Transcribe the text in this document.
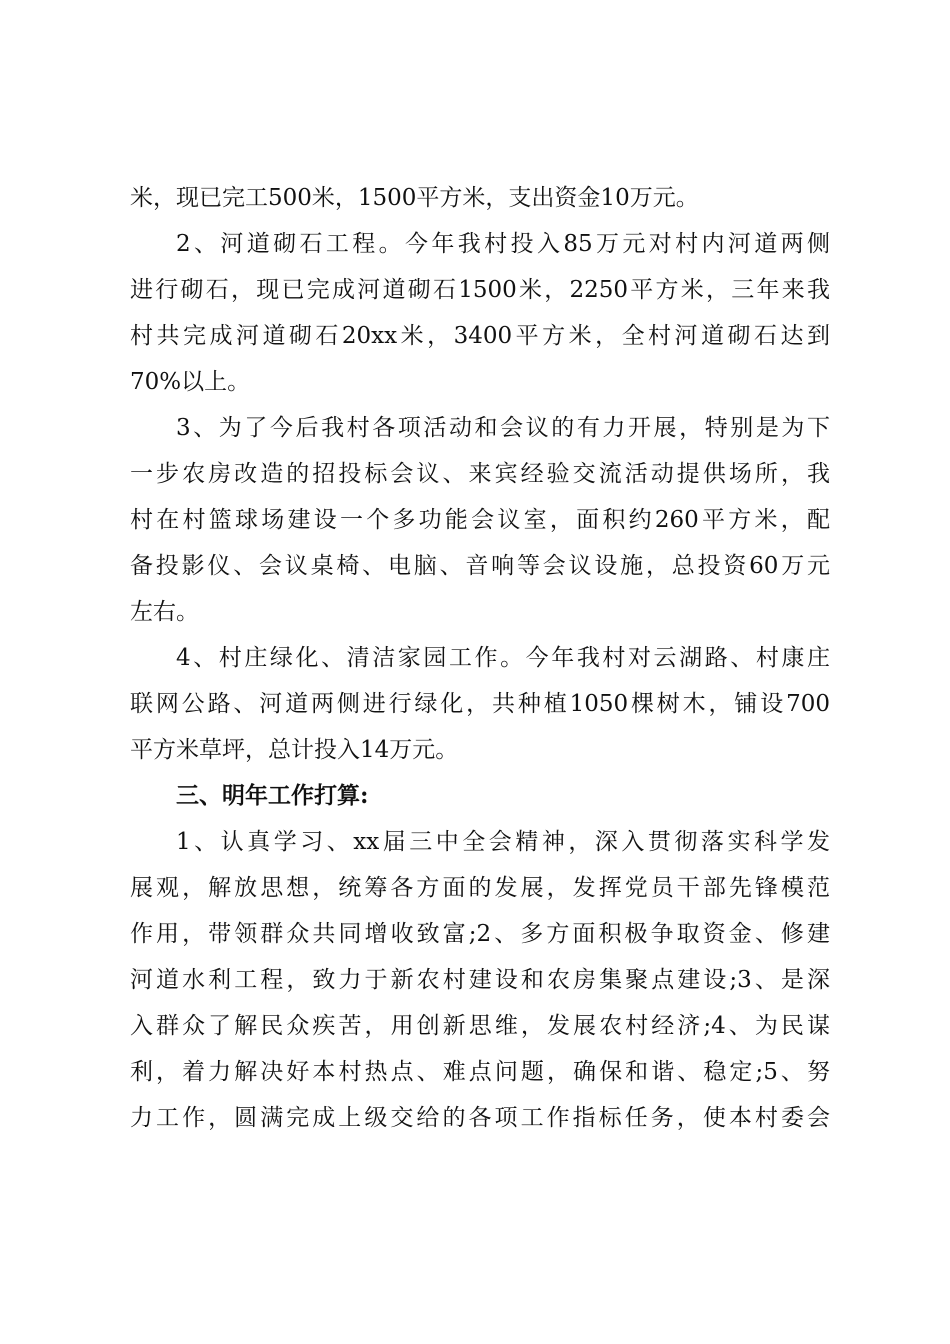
米，现已完工500米，1500平方米，支出资金10万元。
2、河道砌石工程。今年我村投入85万元对村内河道两侧
进行砌石，现已完成河道砌石1500米，2250平方米，三年来我
村共完成河道砌石20xx米，3400平方米，全村河道砌石达到
70%以上。
3、为了今后我村各项活动和会议的有力开展，特别是为下
一步农房改造的招投标会议、来宾经验交流活动提供场所，我
村在村篮球场建设一个多功能会议室，面积约260平方米，配
备投影仪、会议桌椅、电脑、音响等会议设施，总投资60万元
左右。
4、村庄绿化、清洁家园工作。今年我村对云湖路、村康庄
联网公路、河道两侧进行绿化，共种植1050棵树木，铺设700
平方米草坪，总计投入14万元。
三、明年工作打算:
1、认真学习、xx届三中全会精神，深入贯彻落实科学发
展观，解放思想，统筹各方面的发展，发挥党员干部先锋模范
作用，带领群众共同增收致富;2、多方面积极争取资金、修建
河道水利工程，致力于新农村建设和农房集聚点建设;3、是深
入群众了解民众疾苦，用创新思维，发展农村经济;4、为民谋
利，着力解决好本村热点、难点问题，确保和谐、稳定;5、努
力工作，圆满完成上级交给的各项工作指标任务，使本村委会
